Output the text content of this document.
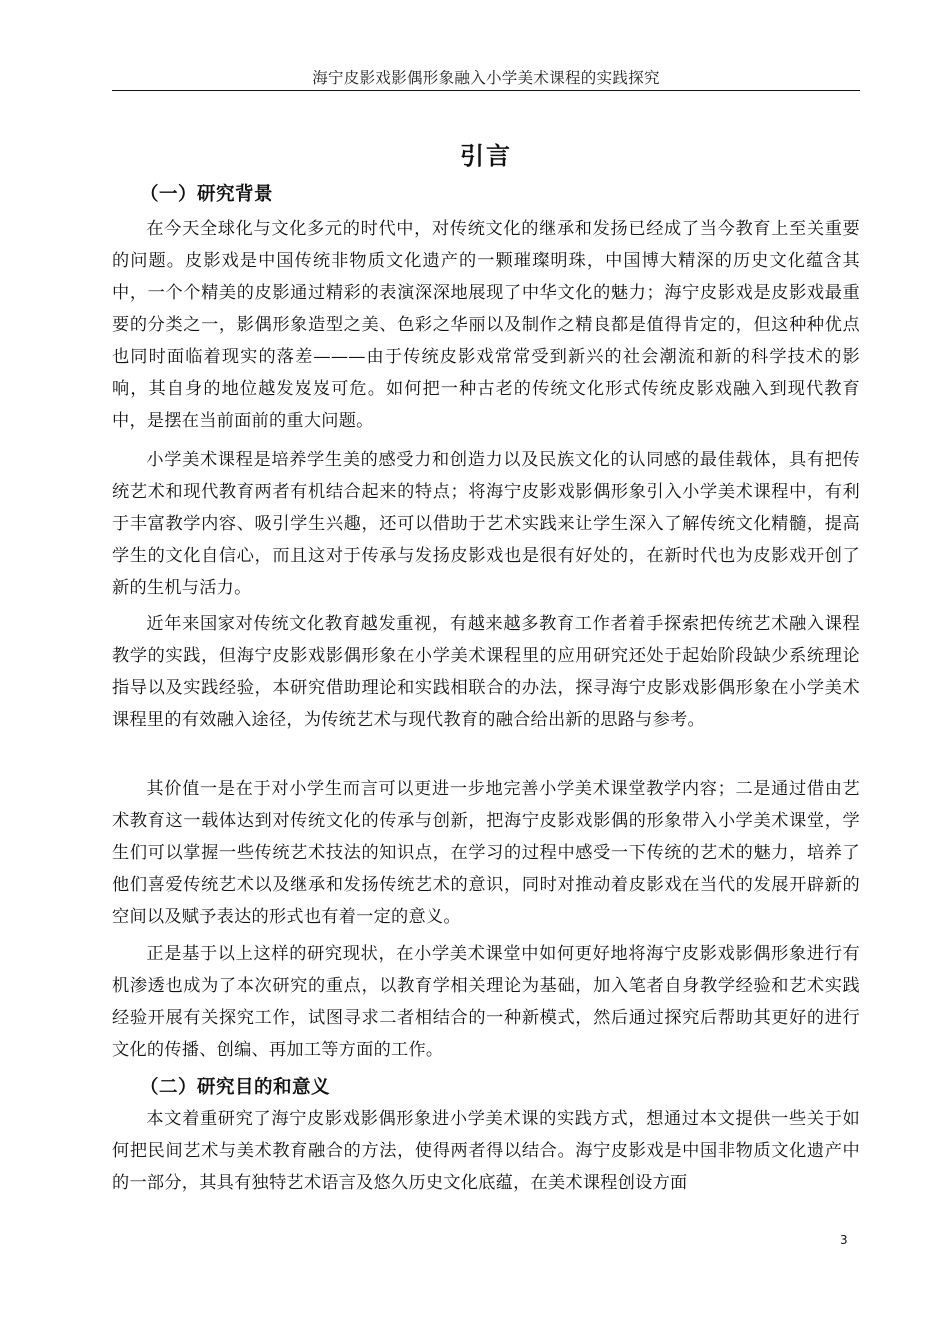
海宁皮影戏影偶形象融入小学美术课程的实践探究
引言
（一）研究背景

在今天全球化与文化多元的时代中，对传统文化的继承和发扬已经成了当今教育上至关重要的问题。皮影戏是中国传统非物质文化遗产的一颗璀璨明珠，中国博大精深的历史文化蕴含其中，一个个精美的皮影通过精彩的表演深深地展现了中华文化的魅力；海宁皮影戏是皮影戏最重要的分类之一，影偶形象造型之美、色彩之华丽以及制作之精良都是值得肯定的，但这种种优点也同时面临着现实的落差———由于传统皮影戏常常受到新兴的社会潮流和新的科学技术的影响，其自身的地位越发岌岌可危。如何把一种古老的传统文化形式传统皮影戏融入到现代教育中，是摆在当前面前的重大问题。

小学美术课程是培养学生美的感受力和创造力以及民族文化的认同感的最佳载体，具有把传统艺术和现代教育两者有机结合起来的特点；将海宁皮影戏影偶形象引入小学美术课程中，有利于丰富教学内容、吸引学生兴趣，还可以借助于艺术实践来让学生深入了解传统文化精髓，提高学生的文化自信心，而且这对于传承与发扬皮影戏也是很有好处的，在新时代也为皮影戏开创了新的生机与活力。

近年来国家对传统文化教育越发重视，有越来越多教育工作者着手探索把传统艺术融入课程教学的实践，但海宁皮影戏影偶形象在小学美术课程里的应用研究还处于起始阶段缺少系统理论指导以及实践经验，本研究借助理论和实践相联合的办法，探寻海宁皮影戏影偶形象在小学美术课程里的有效融入途径，为传统艺术与现代教育的融合给出新的思路与参考。

其价值一是在于对小学生而言可以更进一步地完善小学美术课堂教学内容；二是通过借由艺术教育这一载体达到对传统文化的传承与创新，把海宁皮影戏影偶的形象带入小学美术课堂，学生们可以掌握一些传统艺术技法的知识点，在学习的过程中感受一下传统的艺术的魅力，培养了他们喜爱传统艺术以及继承和发扬传统艺术的意识，同时对推动着皮影戏在当代的发展开辟新的空间以及赋予表达的形式也有着一定的意义。

正是基于以上这样的研究现状，在小学美术课堂中如何更好地将海宁皮影戏影偶形象进行有机渗透也成为了本次研究的重点，以教育学相关理论为基础，加入笔者自身教学经验和艺术实践经验开展有关探究工作，试图寻求二者相结合的一种新模式，然后通过探究后帮助其更好的进行文化的传播、创编、再加工等方面的工作。

（二）研究目的和意义

本文着重研究了海宁皮影戏影偶形象进小学美术课的实践方式，想通过本文提供一些关于如何把民间艺术与美术教育融合的方法，使得两者得以结合。海宁皮影戏是中国非物质文化遗产中的一部分，其具有独特艺术语言及悠久历史文化底蕴，在美术课程创设方面

3
